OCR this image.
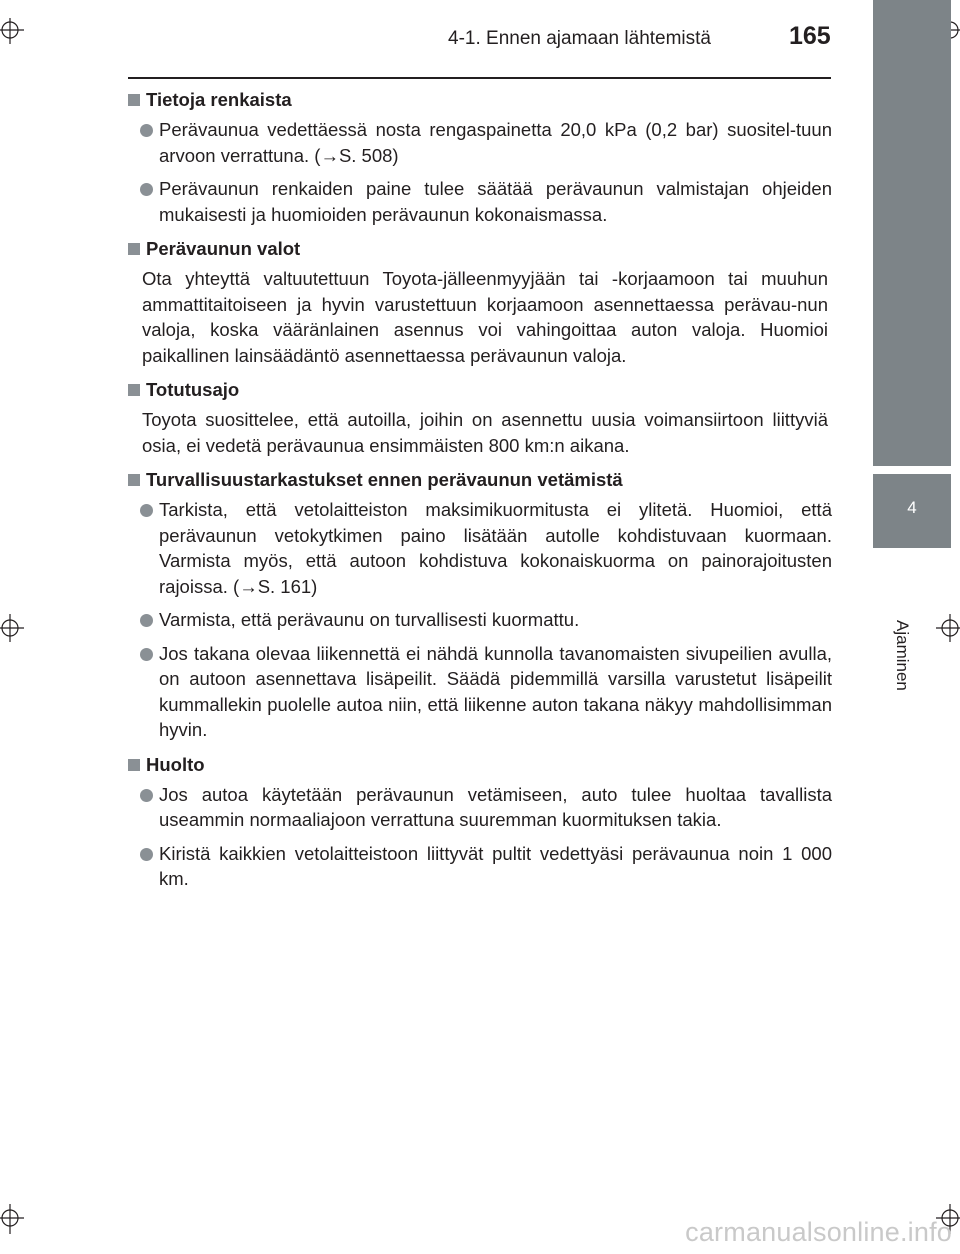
4-1. Ennen ajamaan lähtemistä	165
4
Ajaminen
Tietoja renkaista
Perävaunua vedettäessä nosta rengaspainetta 20,0 kPa (0,2 bar) suositel-tuun arvoon verrattuna. (→S. 508)
Perävaunun renkaiden paine tulee säätää perävaunun valmistajan ohjeiden mukaisesti ja huomioiden perävaunun kokonaismassa.
Perävaunun valot
Ota yhteyttä valtuutettuun Toyota-jälleenmyyjään tai -korjaamoon tai muuhun ammattitaitoiseen ja hyvin varustettuun korjaamoon asennettaessa perävau-nun valoja, koska vääränlainen asennus voi vahingoittaa auton valoja. Huomioi paikallinen lainsäädäntö asennettaessa perävaunun valoja.
Totutusajo
Toyota suosittelee, että autoilla, joihin on asennettu uusia voimansiirtoon liittyviä osia, ei vedetä perävaunua ensimmäisten 800 km:n aikana.
Turvallisuustarkastukset ennen perävaunun vetämistä
Tarkista, että vetolaitteiston maksimikuormitusta ei ylitetä. Huomioi, että perävaunun vetokytkimen paino lisätään autolle kohdistuvaan kuormaan. Varmista myös, että autoon kohdistuva kokonaiskuorma on painorajoitusten rajoissa. (→S. 161)
Varmista, että perävaunu on turvallisesti kuormattu.
Jos takana olevaa liikennettä ei nähdä kunnolla tavanomaisten sivupeilien avulla, on autoon asennettava lisäpeilit. Säädä pidemmillä varsilla varustetut lisäpeilit kummallekin puolelle autoa niin, että liikenne auton takana näkyy mahdollisimman hyvin.
Huolto
Jos autoa käytetään perävaunun vetämiseen, auto tulee huoltaa tavallista useammin normaaliajoon verrattuna suuremman kuormituksen takia.
Kiristä kaikkien vetolaitteistoon liittyvät pultit vedettyäsi perävaunua noin 1 000 km.
carmanualsonline.info
